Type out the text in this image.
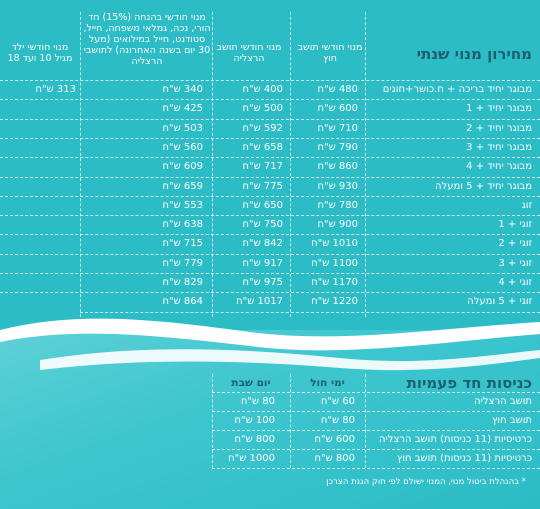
מחירון מנוי שנתי
מנוי חודשי תושב חוץ
מנוי חודשי תושב הרצליה
מנוי חודשי בהנחה (15%) חד הורי, נכה, גמלאי משפחה, חייל, סטודנט, חייל במילואים (מעל 30 יום בשנה האחרונה) לתושבי הרצליה
מנוי חודשי ילד מגיל 10 ועד 18
מבוגר יחיד בריכה + ח.כושר+חוגים
480 ש"ח
400 ש"ח
340 ש"ח
313 ש"ח
מבוגר יחיד + 1
600 ש"ח
500 ש"ח
425 ש"ח
מבוגר יחיד + 2
710 ש"ח
592 ש"ח
503 ש"ח
מבוגר יחיד + 3
790 ש"ח
658 ש"ח
560 ש"ח
מבוגר יחיד + 4
860 ש"ח
717 ש"ח
609 ש"ח
מבוגר יחיד + 5 ומעלה
930 ש"ח
775 ש"ח
659 ש"ח
זוג
780 ש"ח
650 ש"ח
553 ש"ח
זוגי + 1
900 ש"ח
750 ש"ח
638 ש"ח
זוגי + 2
1010 ש"ח
842 ש"ח
715 ש"ח
זוגי + 3
1100 ש"ח
917 ש"ח
779 ש"ח
זוגי + 4
1170 ש"ח
975 ש"ח
829 ש"ח
זוגי + 5 ומעלה
1220 ש"ח
1017 ש"ח
864 ש"ח
כניסות חד פעמיות
ימי חול
יום שבת
תושב הרצליה
60 ש"ח
80 ש"ח
תושב חוץ
80 ש"ח
100 ש"ח
כרטיסיות (11 כניסות) תושב הרצליה
600 ש"ח
800 ש"ח
כרטיסיות (11 כניסות) תושב חוץ
800 ש"ח
1000 ש"ח
* בהנהלת ביטול מנוי, המנוי ישולם לפי חוק הגנת הצרכן
